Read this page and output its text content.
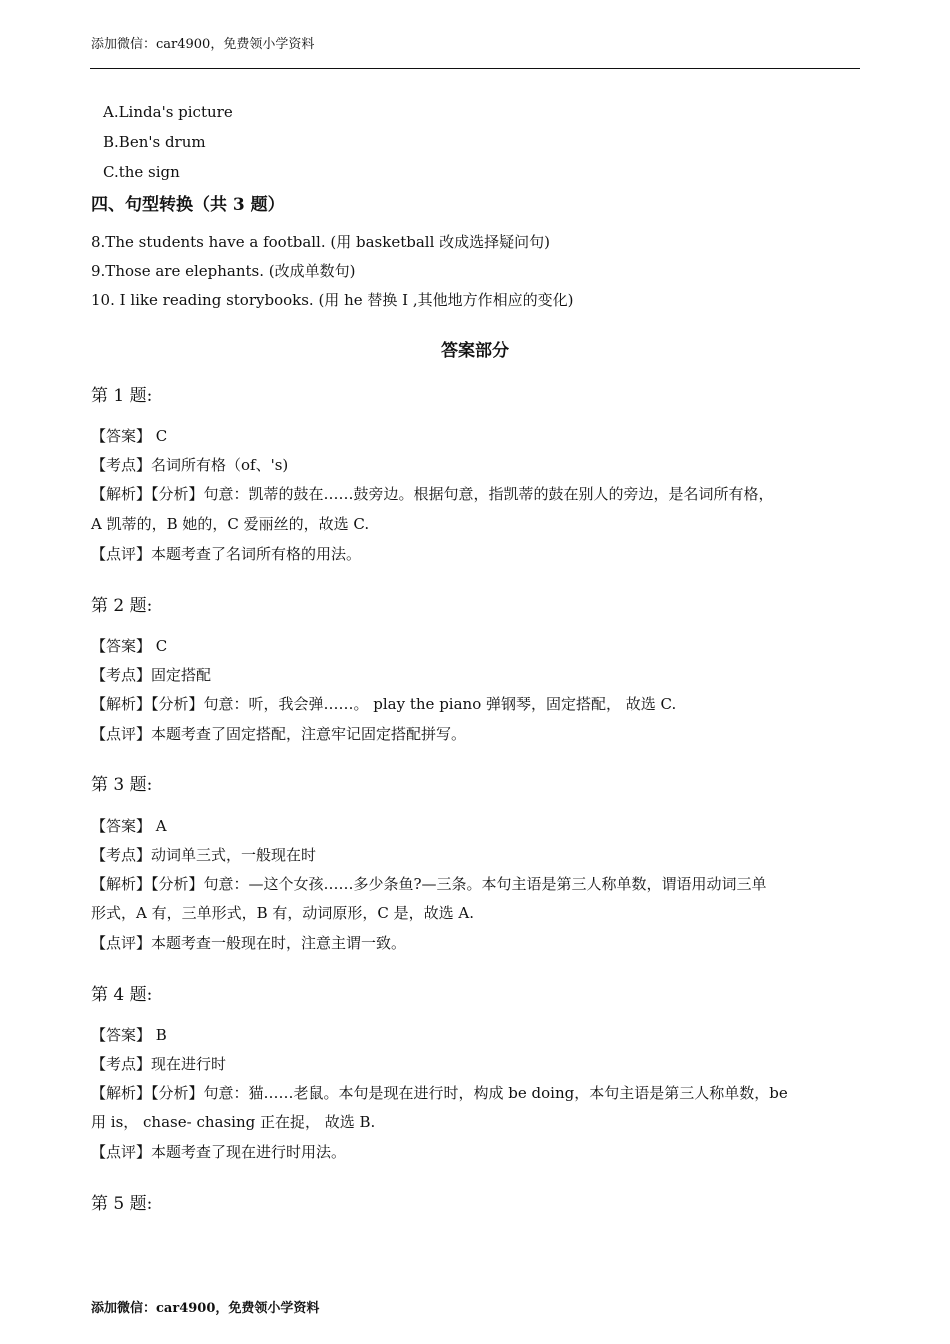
添加微信：car4900，免费领小学资料
A.Linda's picture
B.Ben's drum
C.the sign
四、句型转换（共 3 题）
8.The students have a football. (用 basketball 改成选择疑问句)
9.Those are elephants. (改成单数句)
10. I like reading storybooks. (用 he 替换 I ,其他地方作相应的变化)
答案部分
第 1 题:
【答案】 C
【考点】名词所有格（of、's)
【解析】【分析】句意：凯蒂的鼓在……鼓旁边。根据句意，指凯蒂的鼓在别人的旁边，是名词所有格，
A 凯蒂的，B 她的，C 爱丽丝的，故选 C.
【点评】本题考查了名词所有格的用法。
第 2 题:
【答案】 C
【考点】固定搭配
【解析】【分析】句意：听，我会弹……。 play the piano 弹钢琴，固定搭配， 故选 C.
【点评】本题考查了固定搭配，注意牢记固定搭配拼写。
第 3 题:
【答案】 A
【考点】动词单三式，一般现在时
【解析】【分析】句意：—这个女孩……多少条鱼?—三条。本句主语是第三人称单数，谓语用动词三单
形式，A 有，三单形式，B 有，动词原形，C 是，故选 A.
【点评】本题考查一般现在时，注意主谓一致。
第 4 题:
【答案】 B
【考点】现在进行时
【解析】【分析】句意：猫……老鼠。本句是现在进行时，构成 be doing，本句主语是第三人称单数，be
用 is， chase- chasing 正在捉， 故选 B.
【点评】本题考查了现在进行时用法。
第 5 题:
添加微信：car4900，免费领小学资料
